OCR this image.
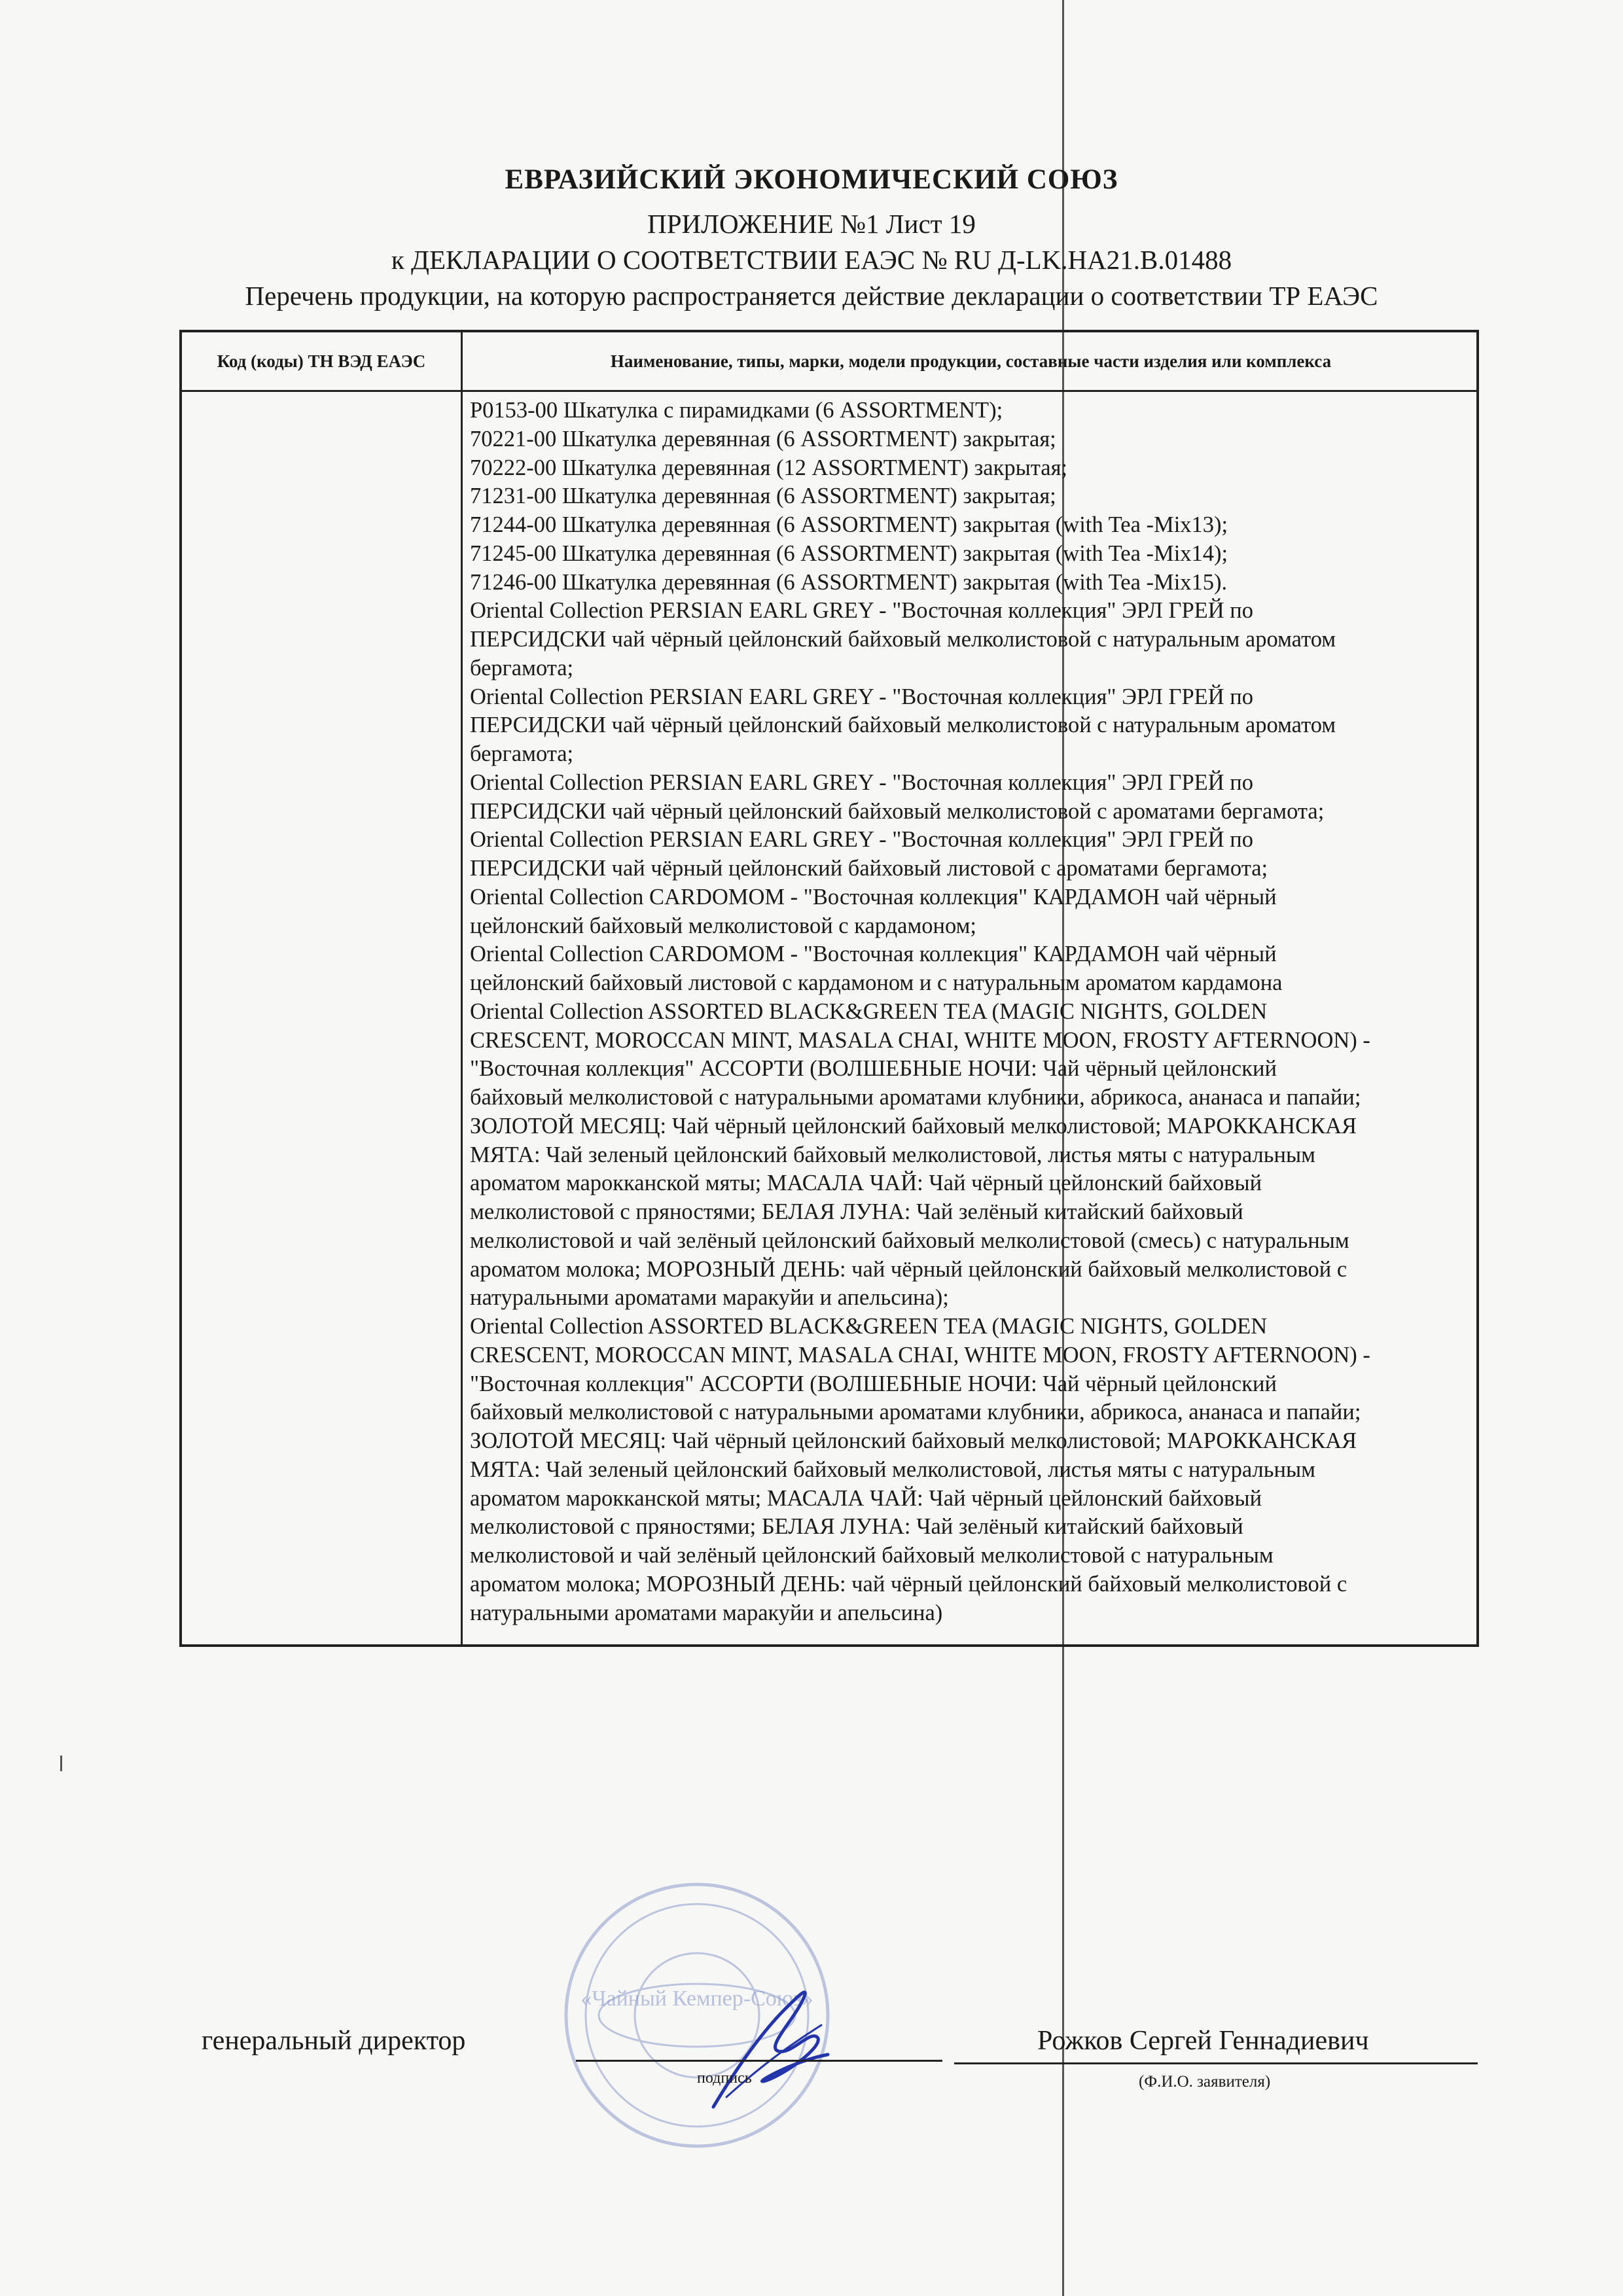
ЕВРАЗИЙСКИЙ ЭКОНОМИЧЕСКИЙ СОЮЗ
ПРИЛОЖЕНИЕ №1 Лист 19
к ДЕКЛАРАЦИИ О СООТВЕТСТВИИ ЕАЭС № RU Д-LK.НА21.В.01488
Перечень продукции, на которую распространяется действие декларации о соответствии ТР ЕАЭС
Код (коды) ТН ВЭД ЕАЭС	Наименование, типы, марки, модели продукции, составные части изделия или комплекса
Р0153-00 Шкатулка с пирамидками (6 ASSORTMENT);
70221-00 Шкатулка деревянная (6 ASSORTMENT) закрытая;
70222-00 Шкатулка деревянная (12 ASSORTMENT) закрытая;
71231-00 Шкатулка деревянная (6 ASSORTMENT) закрытая;
71244-00 Шкатулка деревянная (6 ASSORTMENT) закрытая (with Tea -Mix13);
71245-00 Шкатулка деревянная (6 ASSORTMENT) закрытая (with Tea -Mix14);
71246-00 Шкатулка деревянная (6 ASSORTMENT) закрытая (with Tea -Mix15).
Oriental Collection PERSIAN EARL GREY - "Восточная коллекция" ЭРЛ ГРЕЙ по
ПЕРСИДСКИ чай чёрный цейлонский байховый мелколистовой с натуральным ароматом
бергамота;
Oriental Collection PERSIAN EARL GREY - "Восточная коллекция" ЭРЛ ГРЕЙ по
ПЕРСИДСКИ чай чёрный цейлонский байховый мелколистовой с натуральным ароматом
бергамота;
Oriental Collection PERSIAN EARL GREY - "Восточная коллекция" ЭРЛ ГРЕЙ по
ПЕРСИДСКИ чай чёрный цейлонский байховый мелколистовой с ароматами бергамота;
Oriental Collection PERSIAN EARL GREY - "Восточная коллекция" ЭРЛ ГРЕЙ по
ПЕРСИДСКИ чай чёрный цейлонский байховый листовой с ароматами бергамота;
Oriental Collection CARDOMOM - "Восточная коллекция" КАРДАМОН чай чёрный
цейлонский байховый мелколистовой с кардамоном;
Oriental Collection CARDOMOM - "Восточная коллекция" КАРДАМОН чай чёрный
цейлонский байховый листовой с кардамоном и с натуральным ароматом кардамона
Oriental Collection ASSORTED BLACK&GREEN TEA (MAGIC NIGHTS, GOLDEN
CRESCENT, MOROCCAN MINT, MASALA CHAI, WHITE MOON, FROSTY AFTERNOON) -
"Восточная коллекция" АССОРТИ (ВОЛШЕБНЫЕ НОЧИ: Чай чёрный цейлонский
байховый мелколистовой с натуральными ароматами клубники, абрикоса, ананаса и папайи;
ЗОЛОТОЙ МЕСЯЦ: Чай чёрный цейлонский байховый мелколистовой; МАРОККАНСКАЯ
МЯТА: Чай зеленый цейлонский байховый мелколистовой, листья мяты с натуральным
ароматом марокканской мяты; МАСАЛА ЧАЙ: Чай чёрный цейлонский байховый
мелколистовой с пряностями; БЕЛАЯ ЛУНА: Чай зелёный китайский байховый
мелколистовой и чай зелёный цейлонский байховый мелколистовой (смесь) с натуральным
ароматом молока; МОРОЗНЫЙ ДЕНЬ: чай чёрный цейлонский байховый мелколистовой с
натуральными ароматами маракуйи и апельсина);
Oriental Collection ASSORTED BLACK&GREEN TEA (MAGIC NIGHTS, GOLDEN
CRESCENT, MOROCCAN MINT, MASALA CHAI, WHITE MOON, FROSTY AFTERNOON) -
"Восточная коллекция" АССОРТИ (ВОЛШЕБНЫЕ НОЧИ: Чай чёрный цейлонский
байховый мелколистовой с натуральными ароматами клубники, абрикоса, ананаса и папайи;
ЗОЛОТОЙ МЕСЯЦ: Чай чёрный цейлонский байховый мелколистовой; МАРОККАНСКАЯ
МЯТА: Чай зеленый цейлонский байховый мелколистовой, листья мяты с натуральным
ароматом марокканской мяты; МАСАЛА ЧАЙ: Чай чёрный цейлонский байховый
мелколистовой с пряностями; БЕЛАЯ ЛУНА: Чай зелёный китайский байховый
мелколистовой и чай зелёный цейлонский байховый мелколистовой с натуральным
ароматом молока; МОРОЗНЫЙ ДЕНЬ: чай чёрный цейлонский байховый мелколистовой с
натуральными ароматами маракуйи и апельсина)
«Чайный Кемпер-Союз»
генеральный директор
подпись
Рожков Сергей Геннадиевич
(Ф.И.О. заявителя)
